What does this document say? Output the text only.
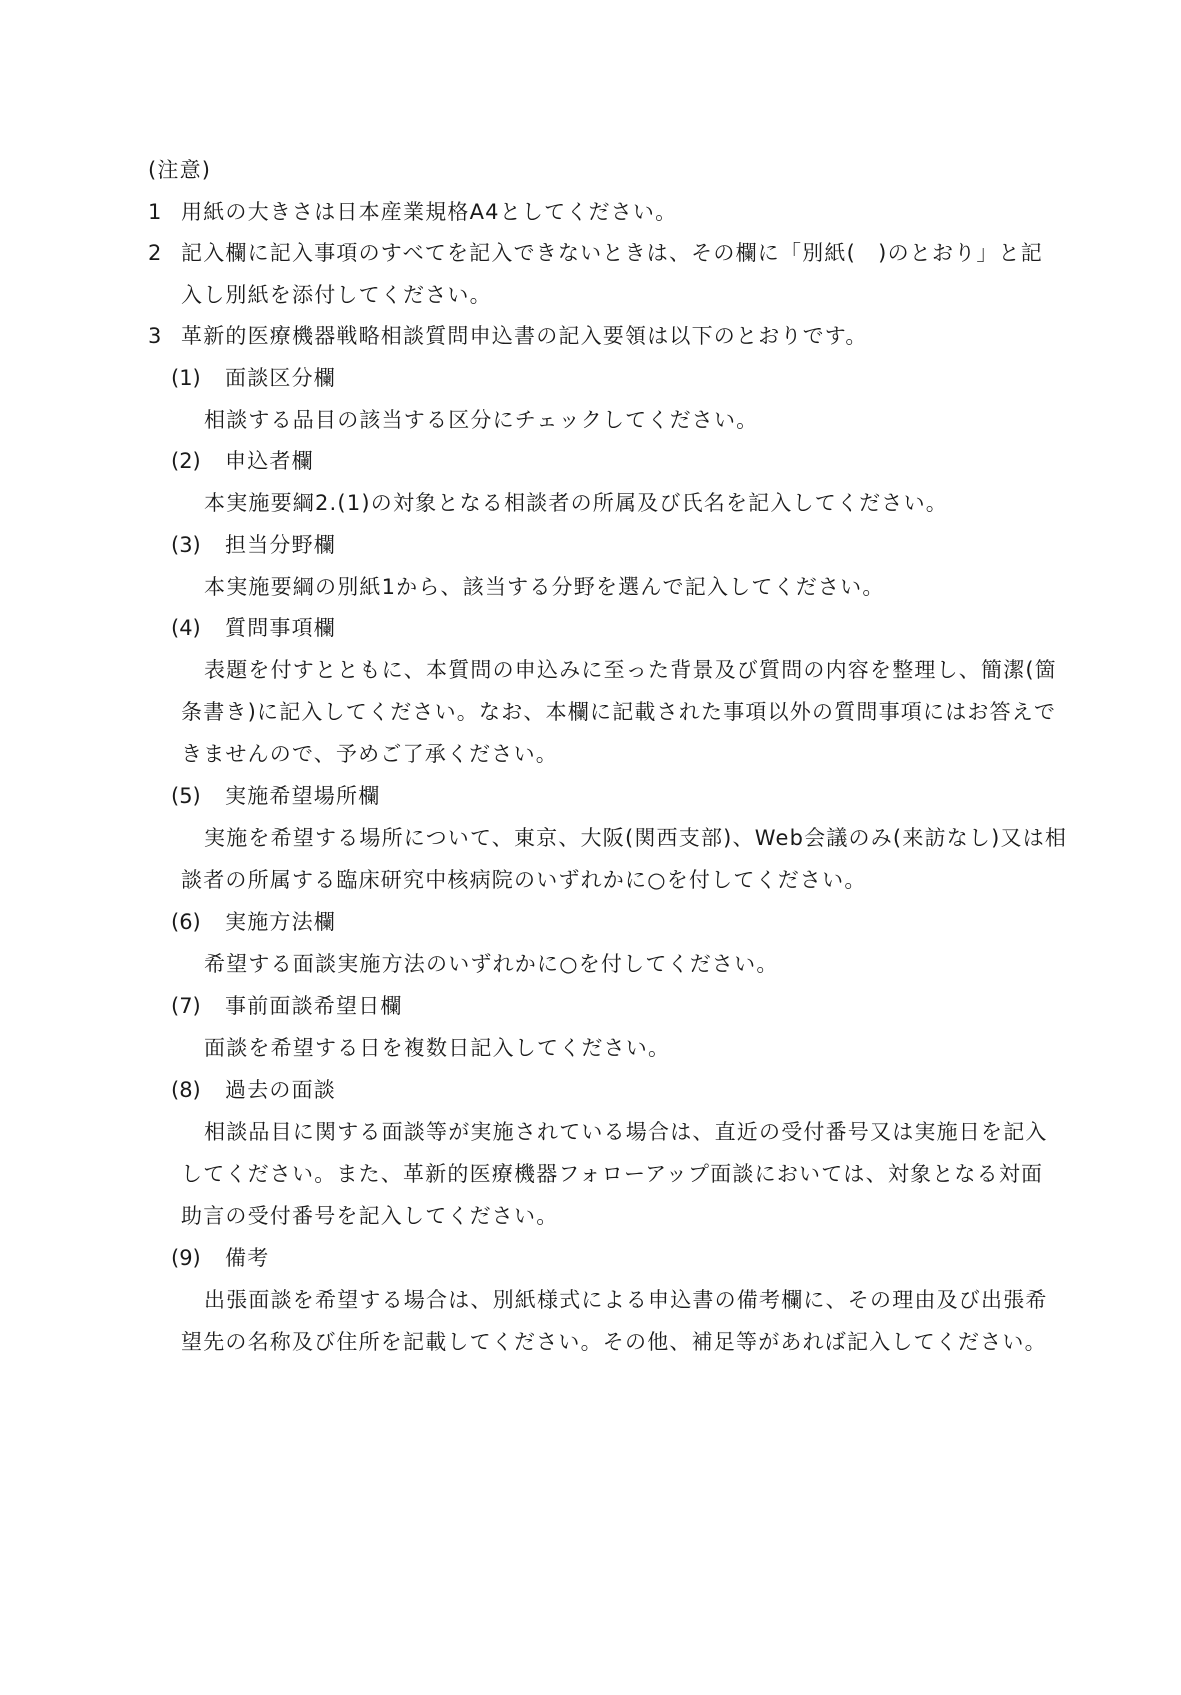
(注意)
1 用紙の大きさは日本産業規格A4としてください。
2 記入欄に記入事項のすべてを記入できないときは、その欄に「別紙(　)のとおり」と記
入し別紙を添付してください。
3 革新的医療機器戦略相談質問申込書の記入要領は以下のとおりです。
(1) 面談区分欄
相談する品目の該当する区分にチェックしてください。
(2) 申込者欄
本実施要綱2.(1)の対象となる相談者の所属及び氏名を記入してください。
(3) 担当分野欄
本実施要綱の別紙1から、該当する分野を選んで記入してください。
(4) 質問事項欄
表題を付すとともに、本質問の申込みに至った背景及び質問の内容を整理し、簡潔(箇
条書き)に記入してください。なお、本欄に記載された事項以外の質問事項にはお答えで
きませんので、予めご了承ください。
(5) 実施希望場所欄
実施を希望する場所について、東京、大阪(関西支部)、Web会議のみ(来訪なし)又は相
談者の所属する臨床研究中核病院のいずれかに○を付してください。
(6) 実施方法欄
希望する面談実施方法のいずれかに○を付してください。
(7) 事前面談希望日欄
面談を希望する日を複数日記入してください。
(8) 過去の面談
相談品目に関する面談等が実施されている場合は、直近の受付番号又は実施日を記入
してください。また、革新的医療機器フォローアップ面談においては、対象となる対面
助言の受付番号を記入してください。
(9) 備考
出張面談を希望する場合は、別紙様式による申込書の備考欄に、その理由及び出張希
望先の名称及び住所を記載してください。その他、補足等があれば記入してください。
